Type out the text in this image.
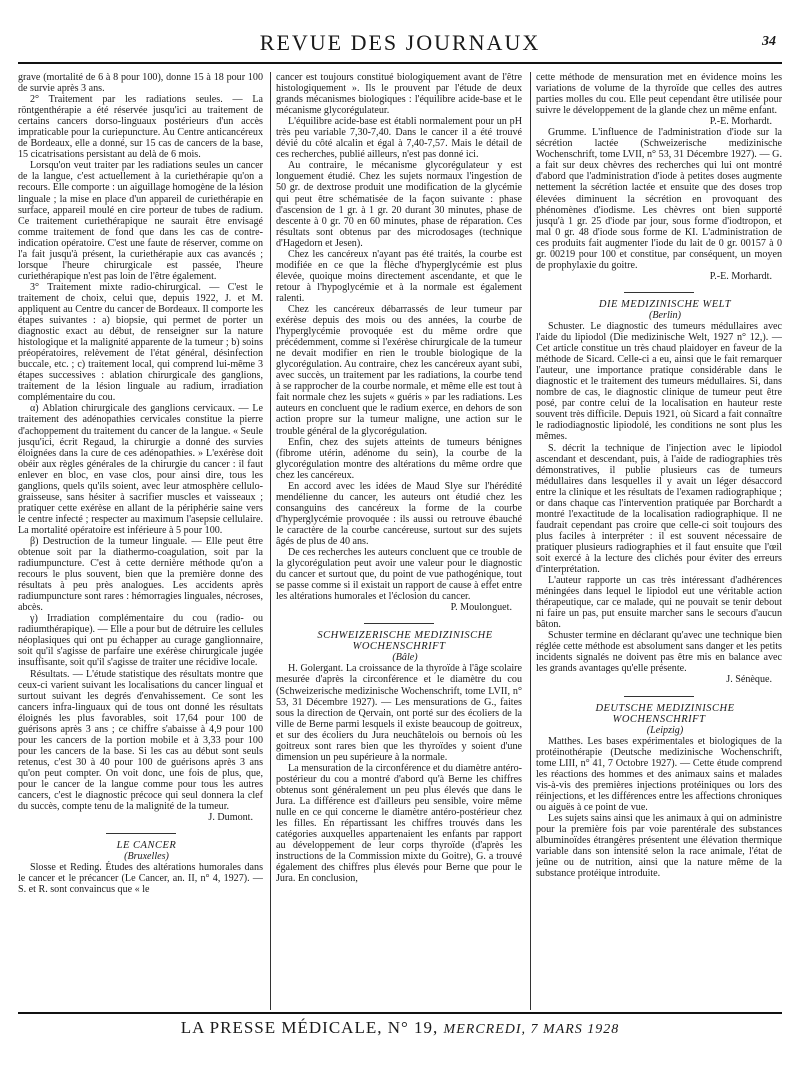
REVUE DES JOURNAUX	34

grave (mortalité de 6 à 8 pour 100), donne 15 à 18 pour 100 de survie après 3 ans.

2° Traitement par les radiations seules. — La röntgenthérapie a été réservée jusqu'ici au traitement de certains cancers dorso-linguaux postérieurs d'un accès impraticable pour la curiepuncture. Au Centre anticancéreux de Bordeaux, elle a donné, sur 15 cas de cancers de la base, 15 cicatrisations persistant au delà de 6 mois.

Lorsqu'on veut traiter par les radiations seules un cancer de la langue, c'est actuellement à la curiethérapie qu'on a recours. Elle comporte : un aiguillage homogène de la lésion linguale ; la mise en place d'un appareil de curiethérapie en surface, appareil moulé en cire porteur de tubes de radium. Ce traitement curiethérapique ne saurait être envisagé comme traitement de fond que dans les cas de contre-indication opératoire. C'est une faute de réserver, comme on l'a fait jusqu'à présent, la curiethérapie aux cas avancés ; lorsque l'heure chirurgicale est passée, l'heure curiethérapique n'est pas loin de l'être également.

3° Traitement mixte radio-chirurgical. — C'est le traitement de choix, celui que, depuis 1922, J. et M. appliquent au Centre du cancer de Bordeaux. Il comporte les étapes suivantes : a) biopsie, qui permet de porter un diagnostic exact au début, de renseigner sur la nature histologique et la malignité apparente de la tumeur ; b) soins préopératoires, relèvement de l'état général, désinfection buccale, etc. ; c) traitement local, qui comprend lui-même 3 étapes successives : ablation chirurgicale des ganglions, traitement de la lésion linguale au radium, irradiation complémentaire du cou.

α) Ablation chirurgicale des ganglions cervicaux. — Le traitement des adénopathies cervicales constitue la pierre d'achoppement du traitement du cancer de la langue. « Seule jusqu'ici, écrit Regaud, la chirurgie a donné des survies éloignées dans la cure de ces adénopathies. » L'exérèse doit obéir aux règles générales de la chirurgie du cancer : il faut enlever en bloc, en vase clos, pour ainsi dire, tous les ganglions, quels qu'ils soient, avec leur atmosphère cellulo-graisseuse, sans hésiter à sacrifier muscles et vaisseaux ; pratiquer cette exérèse en allant de la périphérie saine vers le centre infecté ; respecter au maximum l'asepsie cellulaire. La mortalité opératoire est inférieure à 5 pour 100.

β) Destruction de la tumeur linguale. — Elle peut être obtenue soit par la diathermo-coagulation, soit par la radiumpuncture. C'est à cette dernière méthode qu'on a recours le plus souvent, bien que la première donne des résultats à peu près analogues. Les accidents après radiumpuncture sont rares : hémorragies linguales, nécroses, abcès.

γ) Irradiation complémentaire du cou (radio- ou radiumthérapique). — Elle a pour but de détruire les cellules néoplasiques qui ont pu échapper au curage ganglionnaire, soit qu'il s'agisse de parfaire une exérèse chirurgicale jugée insuffisante, soit qu'il s'agisse de traiter une récidive locale.

Résultats. — L'étude statistique des résultats montre que ceux-ci varient suivant les localisations du cancer lingual et surtout suivant les degrés d'envahissement. Ce sont les cancers infra-linguaux qui de tous ont donné les résultats éloignés les plus favorables, soit 17,64 pour 100 de guérisons après 3 ans ; ce chiffre s'abaisse à 4,9 pour 100 pour les cancers de la portion mobile et à 3,33 pour 100 pour les cancers de la base. Si les cas au début sont seuls retenus, c'est 30 à 40 pour 100 de guérisons après 3 ans qu'on peut compter. On voit donc, une fois de plus, que, pour le cancer de la langue comme pour tous les autres cancers, c'est le diagnostic précoce qui seul donnera la clef du succès, compte tenu de la malignité de la tumeur.

J. Dumont.

LE CANCER

(Bruxelles)

Slosse et Reding. Études des altérations humorales dans le cancer et le précancer (Le Cancer, an. II, n° 4, 1927). — S. et R. sont convaincus que « le

cancer est toujours constitué biologiquement avant de l'être histologiquement ». Ils le prouvent par l'étude de deux grands mécanismes biologiques : l'équilibre acide-base et le mécanisme glycorégulateur.

L'équilibre acide-base est établi normalement pour un pH très peu variable 7,30-7,40. Dans le cancer il a été trouvé dévié du côté alcalin et égal à 7,40-7,57. Mais le détail de ces recherches, publié ailleurs, n'est pas donné ici.

Au contraire, le mécanisme glycorégulateur y est longuement étudié. Chez les sujets normaux l'ingestion de 50 gr. de dextrose produit une modification de la glycémie qui peut être schématisée de la façon suivante : phase d'ascension de 1 gr. à 1 gr. 20 durant 30 minutes, phase de descente à 0 gr. 70 en 60 minutes, phase de réparation. Ces résultats sont obtenus par des microdosages (technique d'Hagedorn et Jesen).

Chez les cancéreux n'ayant pas été traités, la courbe est modifiée en ce que la flèche d'hyperglycémie est plus élevée, quoique moins directement ascendante, et que le retour à l'hypoglycémie et à la normale est également ralenti.

Chez les cancéreux débarrassés de leur tumeur par exérèse depuis des mois ou des années, la courbe de l'hyperglycémie provoquée est du même ordre que précédemment, comme si l'exérèse chirurgicale de la tumeur ne devait modifier en rien le trouble biologique de la glycorégulation. Au contraire, chez les cancéreux ayant subi, avec succès, un traitement par les radiations, la courbe tend à se rapprocher de la courbe normale, et même elle est tout à fait normale chez les sujets « guéris » par les radiations. Les auteurs en concluent que le radium exerce, en dehors de son action propre sur la tumeur maligne, une action sur le trouble général de la glycorégulation.

Enfin, chez des sujets atteints de tumeurs bénignes (fibrome utérin, adénome du sein), la courbe de la glycorégulation montre des altérations du même ordre que chez les cancéreux.

En accord avec les idées de Maud Slye sur l'hérédité mendélienne du cancer, les auteurs ont étudié chez les consanguins des cancéreux la forme de la courbe d'hyperglycémie provoquée : ils aussi ou retrouve ébauché le caractère de la courbe cancéreuse, surtout sur des sujets âgés de plus de 40 ans.

De ces recherches les auteurs concluent que ce trouble de la glycorégulation peut avoir une valeur pour le diagnostic du cancer et surtout que, du point de vue pathogénique, tout se passe comme si il existait un rapport de cause à effet entre les altérations humorales et l'éclosion du cancer.

P. Moulonguet.

SCHWEIZERISCHE MEDIZINISCHE WOCHENSCHRIFT

(Bâle)

H. Golergant. La croissance de la thyroïde à l'âge scolaire mesurée d'après la circonférence et le diamètre du cou (Schweizerische medizinische Wochenschrift, tome LVII, n° 53, 31 Décembre 1927). — Les mensurations de G., faites sous la direction de Qervain, ont porté sur des écoliers de la ville de Berne parmi lesquels il existe beaucoup de goitreux, et sur des écoliers du Jura neuchâtelois ou bernois où les goitreux sont rares bien que les thyroïdes y soient d'une dimension un peu supérieure à la normale.

La mensuration de la circonférence et du diamètre antéro-postérieur du cou a montré d'abord qu'à Berne les chiffres obtenus sont généralement un peu plus élevés que dans le Jura. La différence est d'ailleurs peu sensible, voire même nulle en ce qui concerne le diamètre antéro-postérieur chez les filles. En répartissant les chiffres trouvés dans les catégories auxquelles appartenaient les enfants par rapport au développement de leur corps thyroïde (d'après les instructions de la Commission mixte du Goitre), G. a trouvé également des chiffres plus élevés pour Berne que pour le Jura. En conclusion,

cette méthode de mensuration met en évidence moins les variations de volume de la thyroïde que celles des autres parties molles du cou. Elle peut cependant être utilisée pour suivre le développement de la glande chez un même enfant.

P.-E. Morhardt.

Grumme. L'influence de l'administration d'iode sur la sécrétion lactée (Schweizerische medizinische Wochenschrift, tome LVII, n° 53, 31 Décembre 1927). — G. a fait sur deux chèvres des recherches qui lui ont montré d'abord que l'administration d'iode à petites doses augmente nettement la sécrétion lactée et ensuite que des doses trop élevées diminuent la sécrétion en provoquant des phénomènes d'iodisme. Les chèvres ont bien supporté jusqu'à 1 gr. 25 d'iode par jour, sous forme d'iodtropon, et mal 0 gr. 48 d'iode sous forme de KI. L'administration de ces produits fait augmenter l'iode du lait de 0 gr. 00157 à 0 gr. 00219 pour 100 et constitue, par conséquent, un moyen de prophylaxie du goitre.

P.-E. Morhardt.

DIE MEDIZINISCHE WELT

(Berlin)

Schuster. Le diagnostic des tumeurs médullaires avec l'aide du lipiodol (Die medizinische Welt, 1927 n° 12,). — Cet article constitue un très chaud plaidoyer en faveur de la méthode de Sicard. Celle-ci a eu, ainsi que le fait remarquer l'auteur, une importance pratique considérable dans le diagnostic et le traitement des tumeurs médullaires. Si, dans nombre de cas, le diagnostic clinique de tumeur peut être posé, par contre celui de la localisation en hauteur reste souvent très difficile. Depuis 1921, où Sicard a fait connaître le radiodiagnostic lipiodolé, les conditions ne sont plus les mêmes.

S. décrit la technique de l'injection avec le lipiodol ascendant et descendant, puis, à l'aide de radiographies très démonstratives, il publie plusieurs cas de tumeurs médullaires dans lesquelles il y avait un léger désaccord entre la clinique et les résultats de l'examen radiographique ; or dans chaque cas l'intervention pratiquée par Borchardt a montré l'exactitude de la localisation radiographique. Il ne faudrait cependant pas croire que celle-ci soit toujours des plus faciles à interpréter : il est souvent nécessaire de pratiquer plusieurs radiographies et il faut ensuite que l'œil soit exercé à la lecture des clichés pour éviter des erreurs d'interprétation.

L'auteur rapporte un cas très intéressant d'adhérences méningées dans lequel le lipiodol eut une véritable action thérapeutique, car ce malade, qui ne pouvait se tenir debout ni faire un pas, put ensuite marcher sans le secours d'aucun bâton.

Schuster termine en déclarant qu'avec une technique bien réglée cette méthode est absolument sans danger et les petits incidents signalés ne doivent pas être mis en balance avec les grands avantages qu'elle présente.

J. Sénèque.

DEUTSCHE MEDIZINISCHE WOCHENSCHRIFT

(Leipzig)

Matthes. Les bases expérimentales et biologiques de la protéinothérapie (Deutsche medizinische Wochenschrift, tome LIII, n° 41, 7 Octobre 1927). — Cette étude comprend les réactions des hommes et des animaux sains et malades vis-à-vis des premières injections protéiniques ou lors des réinjections, et les différences entre les affections chroniques ou aiguës à ce point de vue.

Les sujets sains ainsi que les animaux à qui on administre pour la première fois par voie parentérale des substances albuminoïdes étrangères présentent une élévation thermique variable dans son intensité selon la race animale, l'état de jeûne ou de nutrition, ainsi que la nature même de la substance protéique introduite.

LA PRESSE MÉDICALE, N° 19, MERCREDI, 7 MARS 1928
